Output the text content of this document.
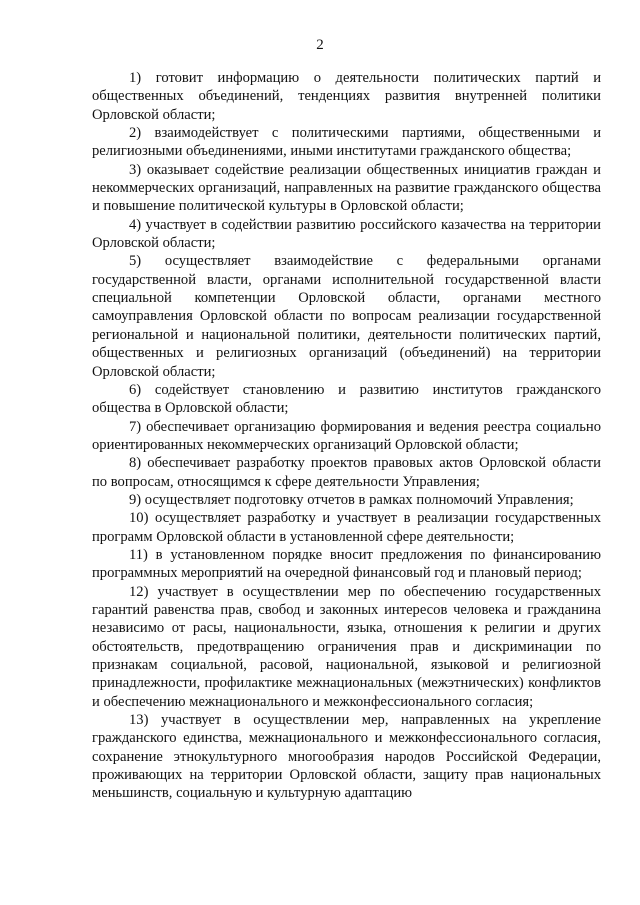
2

1) готовит информацию о деятельности политических партий и общественных объединений, тенденциях развития внутренней политики Орловской области;

2) взаимодействует с политическими партиями, общественными и религиозными объединениями, иными институтами гражданского общества;

3) оказывает содействие реализации общественных инициатив граждан и некоммерческих организаций, направленных на развитие гражданского общества и повышение политической культуры в Орловской области;

4) участвует в содействии развитию российского казачества на территории Орловской области;

5) осуществляет взаимодействие с федеральными органами государственной власти, органами исполнительной государственной власти специальной компетенции Орловской области, органами местного самоуправления Орловской области по вопросам реализации государственной региональной и национальной политики, деятельности политических партий, общественных и религиозных организаций (объединений) на территории Орловской области;

6) содействует становлению и развитию институтов гражданского общества в Орловской области;

7) обеспечивает организацию формирования и ведения реестра социально ориентированных некоммерческих организаций Орловской области;

8) обеспечивает разработку проектов правовых актов Орловской области по вопросам, относящимся к сфере деятельности Управления;

9) осуществляет подготовку отчетов в рамках полномочий Управления;

10) осуществляет разработку и участвует в реализации государственных программ Орловской области в установленной сфере деятельности;

11) в установленном порядке вносит предложения по финансированию программных мероприятий на очередной финансовый год и плановый период;

12) участвует в осуществлении мер по обеспечению государственных гарантий равенства прав, свобод и законных интересов человека и гражданина независимо от расы, национальности, языка, отношения к религии и других обстоятельств, предотвращению ограничения прав и дискриминации по признакам социальной, расовой, национальной, языковой и религиозной принадлежности, профилактике межнациональных (межэтнических) конфликтов и обеспечению межнационального и межконфессионального согласия;

13) участвует в осуществлении мер, направленных на укрепление гражданского единства, межнационального и межконфессионального согласия, сохранение этнокультурного многообразия народов Российской Федерации, проживающих на территории Орловской области, защиту прав национальных меньшинств, социальную и культурную адаптацию
